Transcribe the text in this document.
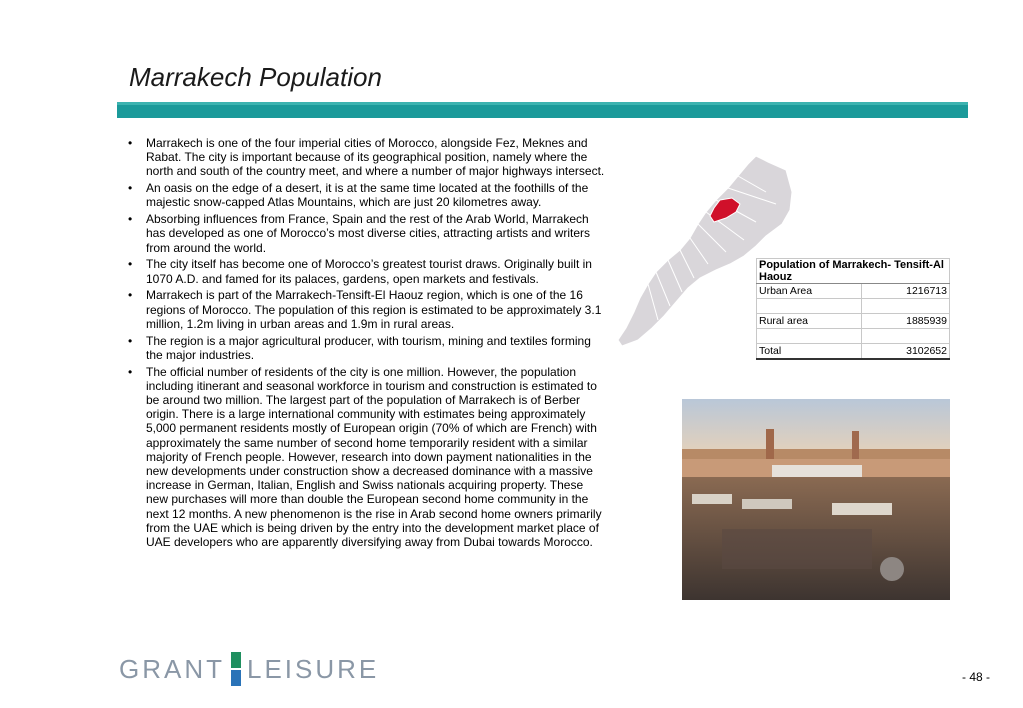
Marrakech Population
• Marrakech is one of the four imperial cities of Morocco, alongside Fez, Meknes and Rabat. The city is important because of its geographical position, namely where the north and south of the country meet, and where a number of major highways intersect.
• An oasis on the edge of a desert, it is at the same time located at the foothills of the majestic snow-capped Atlas Mountains, which are just 20 kilometres away.
• Absorbing influences from France, Spain and the rest of the Arab World, Marrakech has developed as one of Morocco’s most diverse cities, attracting artists and writers from around the world.
• The city itself has become one of Morocco’s greatest tourist draws. Originally built in 1070 A.D. and famed for its palaces, gardens, open markets and festivals.
• Marrakech is part of the Marrakech-Tensift-El Haouz region, which is one of the 16 regions of Morocco. The population of this region is estimated to be approximately 3.1 million, 1.2m living in urban areas and 1.9m in rural areas.
• The region is a major agricultural producer, with tourism, mining and textiles forming the major industries.
• The official number of residents of the city is one million. However, the population including itinerant and seasonal workforce in tourism and construction is estimated to be around two million. The largest part of the population of Marrakech is of Berber origin. There is a large international community with estimates being approximately 5,000 permanent residents mostly of European origin (70% of which are French) with approximately the same number of second home temporarily resident with a similar majority of French people. However, research into down payment nationalities in the new developments under construction show a decreased dominance with a massive increase in German, Italian, English and Swiss nationals acquiring property. These new purchases will more than double the European second home community in the next 12 months. A new phenomenon is the rise in Arab second home owners primarily from the UAE which is being driven by the entry into the development market place of UAE developers who are apparently diversifying away from Dubai towards Morocco.
Population of Marrakech- Tensift-Al Haouz	
Urban Area	1216713

Rural area	1885939

Total	3102652
GRANT LEISURE	- 48 -
